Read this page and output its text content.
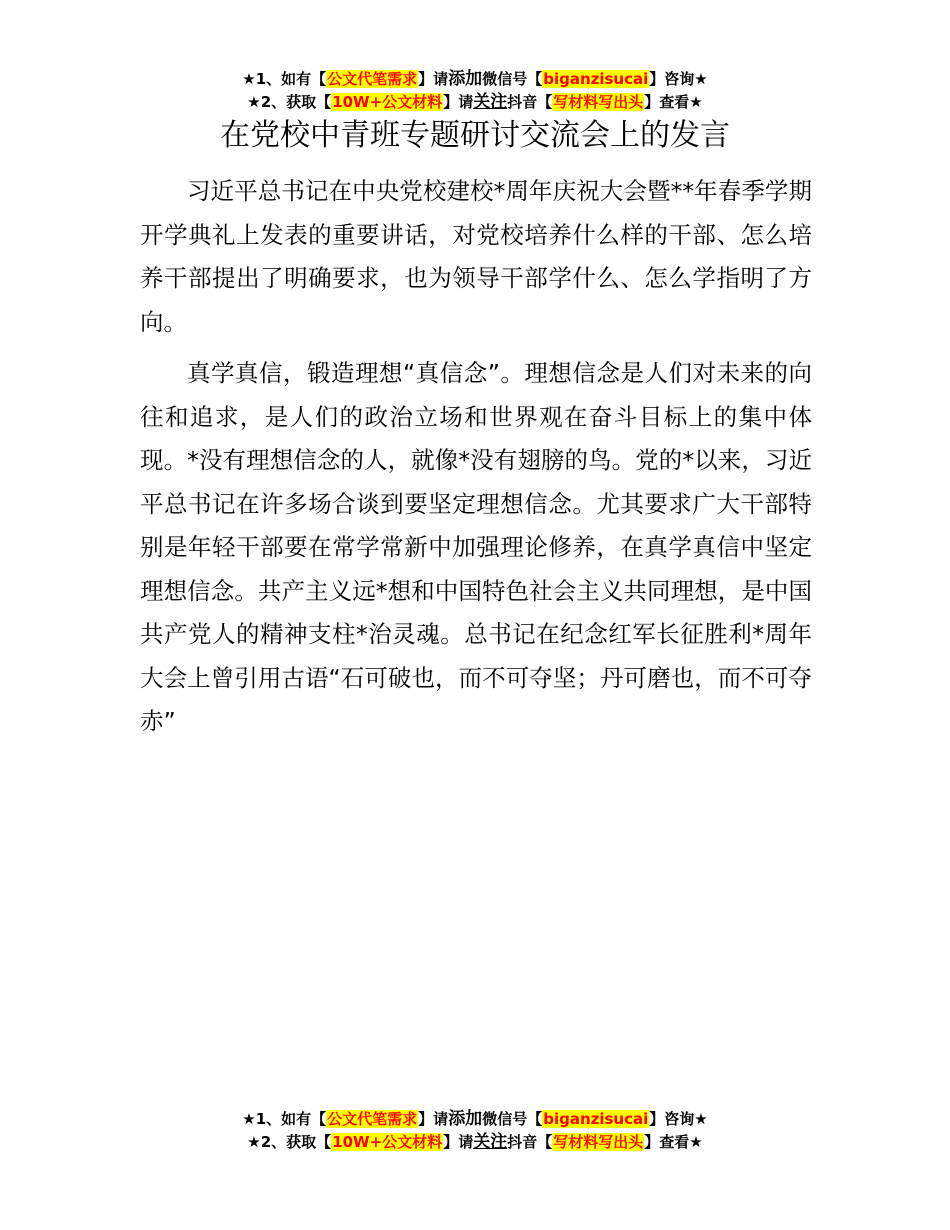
★1、如有【公文代笔需求】请添加微信号【biganzisucai】咨询★
★2、获取【10W+公文材料】请关注抖音【写材料写出头】查看★
在党校中青班专题研讨交流会上的发言

习近平总书记在中央党校建校*周年庆祝大会暨**年春季学期开学典礼上发表的重要讲话，对党校培养什么样的干部、怎么培养干部提出了明确要求，也为领导干部学什么、怎么学指明了方向。

真学真信，锻造理想“真信念”。理想信念是人们对未来的向往和追求，是人们的政治立场和世界观在奋斗目标上的集中体现。*没有理想信念的人，就像*没有翅膀的鸟。党的*以来，习近平总书记在许多场合谈到要坚定理想信念。尤其要求广大干部特别是年轻干部要在常学常新中加强理论修养，在真学真信中坚定理想信念。共产主义远*想和中国特色社会主义共同理想，是中国共产党人的精神支柱*治灵魂。总书记在纪念红军长征胜利*周年大会上曾引用古语“石可破也，而不可夺坚；丹可磨也，而不可夺赤”

★1、如有【公文代笔需求】请添加微信号【biganzisucai】咨询★
★2、获取【10W+公文材料】请关注抖音【写材料写出头】查看★
